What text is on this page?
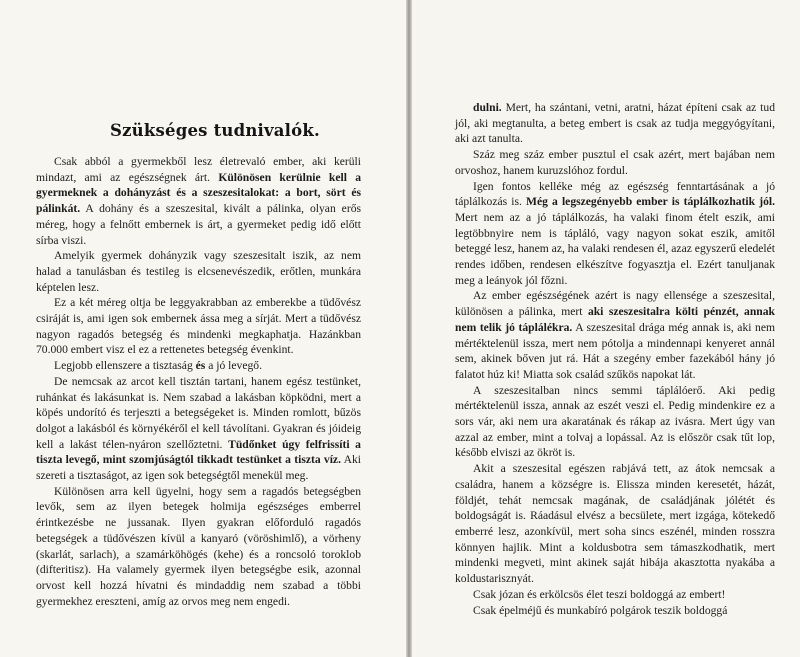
Szükséges tudnivalók.

Csak abból a gyermekből lesz életrevaló ember, aki kerüli mindazt, ami az egészségnek árt. Különösen kerülnie kell a gyermeknek a dohányzást és a szeszesitalokat: a bort, sört és pálinkát. A dohány és a szeszesital, kivált a pálinka, olyan erős méreg, hogy a felnőtt embernek is árt, a gyermeket pedig idő előtt sírba viszi.

Amelyik gyermek dohányzik vagy szeszesitalt iszik, az nem halad a tanulásban és testileg is elcsenevészedik, erőtlen, munkára képtelen lesz.

Ez a két méreg oltja be leggyakrabban az emberekbe a tüdővész csiráját is, ami igen sok embernek ássa meg a sírját. Mert a tüdővész nagyon ragadós betegség és mindenki megkaphatja. Hazánkban 70.000 embert visz el ez a rettenetes betegség évenkint.

Legjobb ellenszere a tisztaság és a jó levegő.

De nemcsak az arcot kell tisztán tartani, hanem egész testünket, ruhánkat és lakásunkat is. Nem szabad a lakásban köpködni, mert a köpés undorító és terjeszti a betegségeket is. Minden romlott, bűzös dolgot a lakásból és környékéről el kell távolítani. Gyakran és jóideig kell a lakást télen-nyáron szellőztetni. Tüdőnket úgy felfrissíti a tiszta levegő, mint szomjúságtól tikkadt testünket a tiszta víz. Aki szereti a tisztaságot, az igen sok betegségtől menekül meg.

Különösen arra kell ügyelni, hogy sem a ragadós betegségben levők, sem az ilyen betegek holmija egészséges emberrel érintkezésbe ne jussanak. Ilyen gyakran előforduló ragadós betegségek a tüdővészen kívül a kanyaró (vöröshimlő), a vörheny (skarlát, sarlach), a szamárköhögés (kehe) és a roncsoló toroklob (difteritisz). Ha valamely gyermek ilyen betegségbe esik, azonnal orvost kell hozzá hívatni és mindaddig nem szabad a többi gyermekhez ereszteni, amíg az orvos meg nem engedi.

dulni. Mert, ha szántani, vetni, aratni, házat építeni csak az tud jól, aki megtanulta, a beteg embert is csak az tudja meggyógyítani, aki azt tanulta.

Száz meg száz ember pusztul el csak azért, mert bajában nem orvoshoz, hanem kuruzslóhoz fordul.

Igen fontos kelléke még az egészség fenntartásának a jó táplálkozás is. Még a legszegényebb ember is táplálkozhatik jól. Mert nem az a jó táplálkozás, ha valaki finom ételt eszik, ami legtöbbnyire nem is tápláló, vagy nagyon sokat eszik, amitől beteggé lesz, hanem az, ha valaki rendesen él, azaz egyszerű eledelét rendes időben, rendesen elkészítve fogyasztja el. Ezért tanuljanak meg a leányok jól főzni.

Az ember egészségének azért is nagy ellensége a szeszesital, különösen a pálinka, mert aki szeszesitalra költi pénzét, annak nem telik jó táplálékra. A szeszesital drága még annak is, aki nem mértéktelenül issza, mert nem pótolja a mindennapi kenyeret annál sem, akinek bőven jut rá. Hát a szegény ember fazekából hány jó falatot húz ki! Miatta sok család szűkös napokat lát.

A szeszesitalban nincs semmi táplálóerő. Aki pedig mértéktelenül issza, annak az eszét veszi el. Pedig mindenkire ez a sors vár, aki nem ura akaratának és rákap az ivásra. Mert úgy van azzal az ember, mint a tolvaj a lopással. Az is először csak tűt lop, később elviszi az ökröt is.

Akit a szeszesital egészen rabjává tett, az átok nemcsak a családra, hanem a községre is. Elissza minden keresetét, házát, földjét, tehát nemcsak magának, de családjának jólétét és boldogságát is. Ráadásul elvész a becsülete, mert izgága, kötekedő emberré lesz, azonkívül, mert soha sincs eszénél, minden rosszra könnyen hajlik. Mint a koldusbotra sem támaszkodhatik, mert mindenki megveti, mint akinek saját hibája akasztotta nyakába a koldustarisznyát.

Csak józan és erkölcsös élet teszi boldoggá az embert!

Csak épelméjű és munkabíró polgárok teszik boldoggá
